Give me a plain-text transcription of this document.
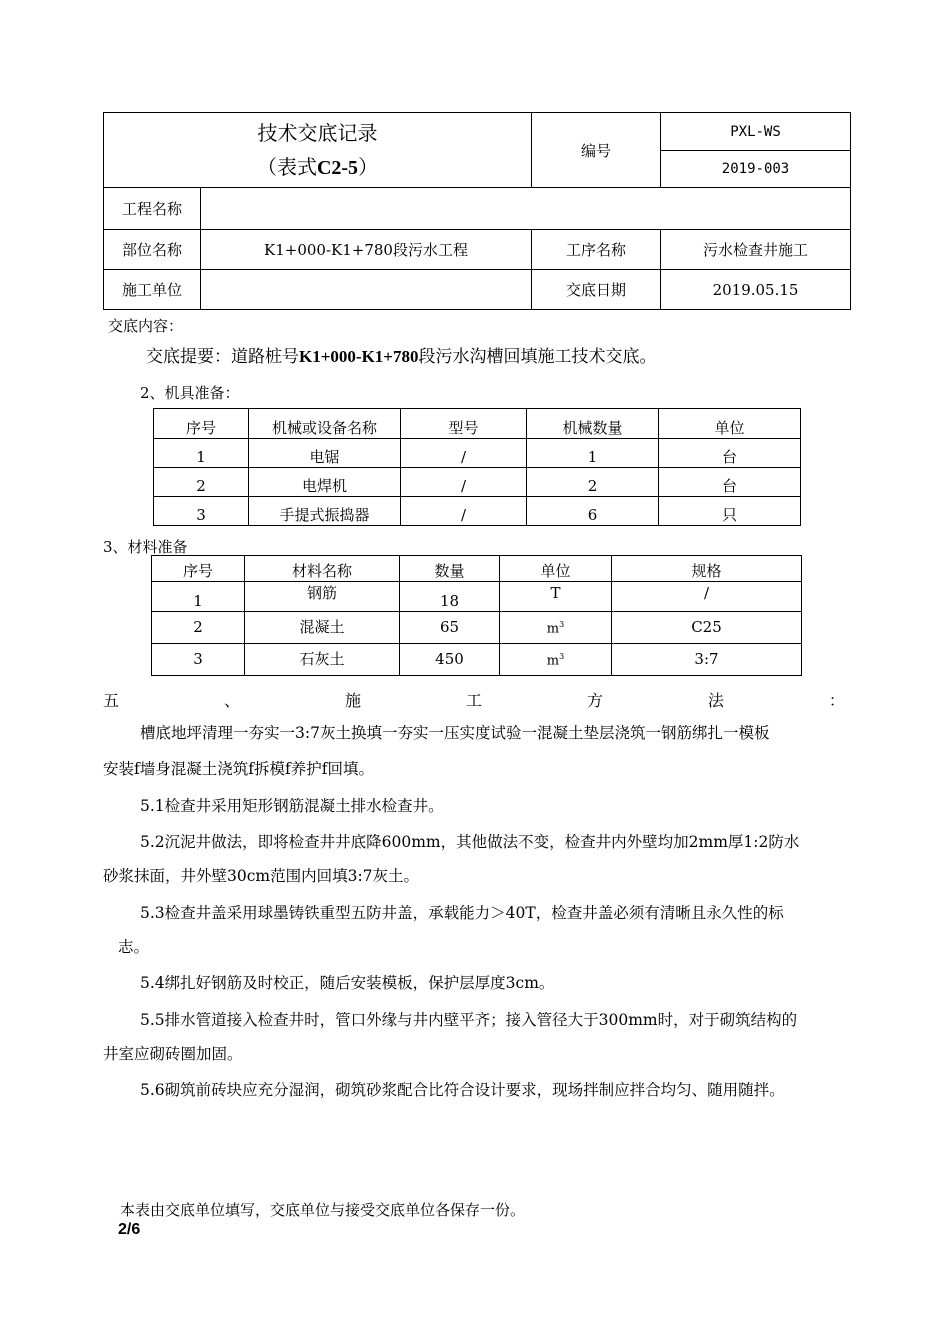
技术交底记录
（表式C2-5）		编号	PXL-WS
			2019-003
工程名称			
部位名称	K1+000-K1+780段污水工程	工序名称	污水检查井施工
施工单位		交底日期	2019.05.15
交底内容：
交底提要：道路桩号K1+000-K1+780段污水沟槽回填施工技术交底。
2、机具准备：
序号	机械或设备名称	型号	机械数量	单位
1	电锯	/	1	台
2	电焊机	/	2	台
3	手提式振捣器	/	6	只
3、材料准备
序号	材料名称	数量	单位	规格
1	钢筋	18	T	/
2	混凝土	65	$m^3$	C25
3	石灰土	450	$m^3$	3:7
五	、	施	工	方	法	：
槽底地坪清理一夯实一3:7灰土换填一夯实一压实度试验一混凝土垫层浇筑一钢筋绑扎一模板
安装f墙身混凝土浇筑f拆模f养护f回填。
5.1检查井采用矩形钢筋混凝土排水检查井。
5.2沉泥井做法，即将检查井井底降600mm，其他做法不变，检查井内外壁均加2mm厚1:2防水
砂浆抹面，井外壁30cm范围内回填3:7灰土。
5.3检查井盖采用球墨铸铁重型五防井盖，承载能力＞40T，检查井盖必须有清晰且永久性的标
志。
5.4绑扎好钢筋及时校正，随后安装模板，保护层厚度3cm。
5.5排水管道接入检查井时，管口外缘与井内壁平齐；接入管径大于300mm时，对于砌筑结构的
井室应砌砖圈加固。
5.6砌筑前砖块应充分湿润，砌筑砂浆配合比符合设计要求，现场拌制应拌合均匀、随用随拌。
本表由交底单位填写，交底单位与接受交底单位各保存一份。
2/6
